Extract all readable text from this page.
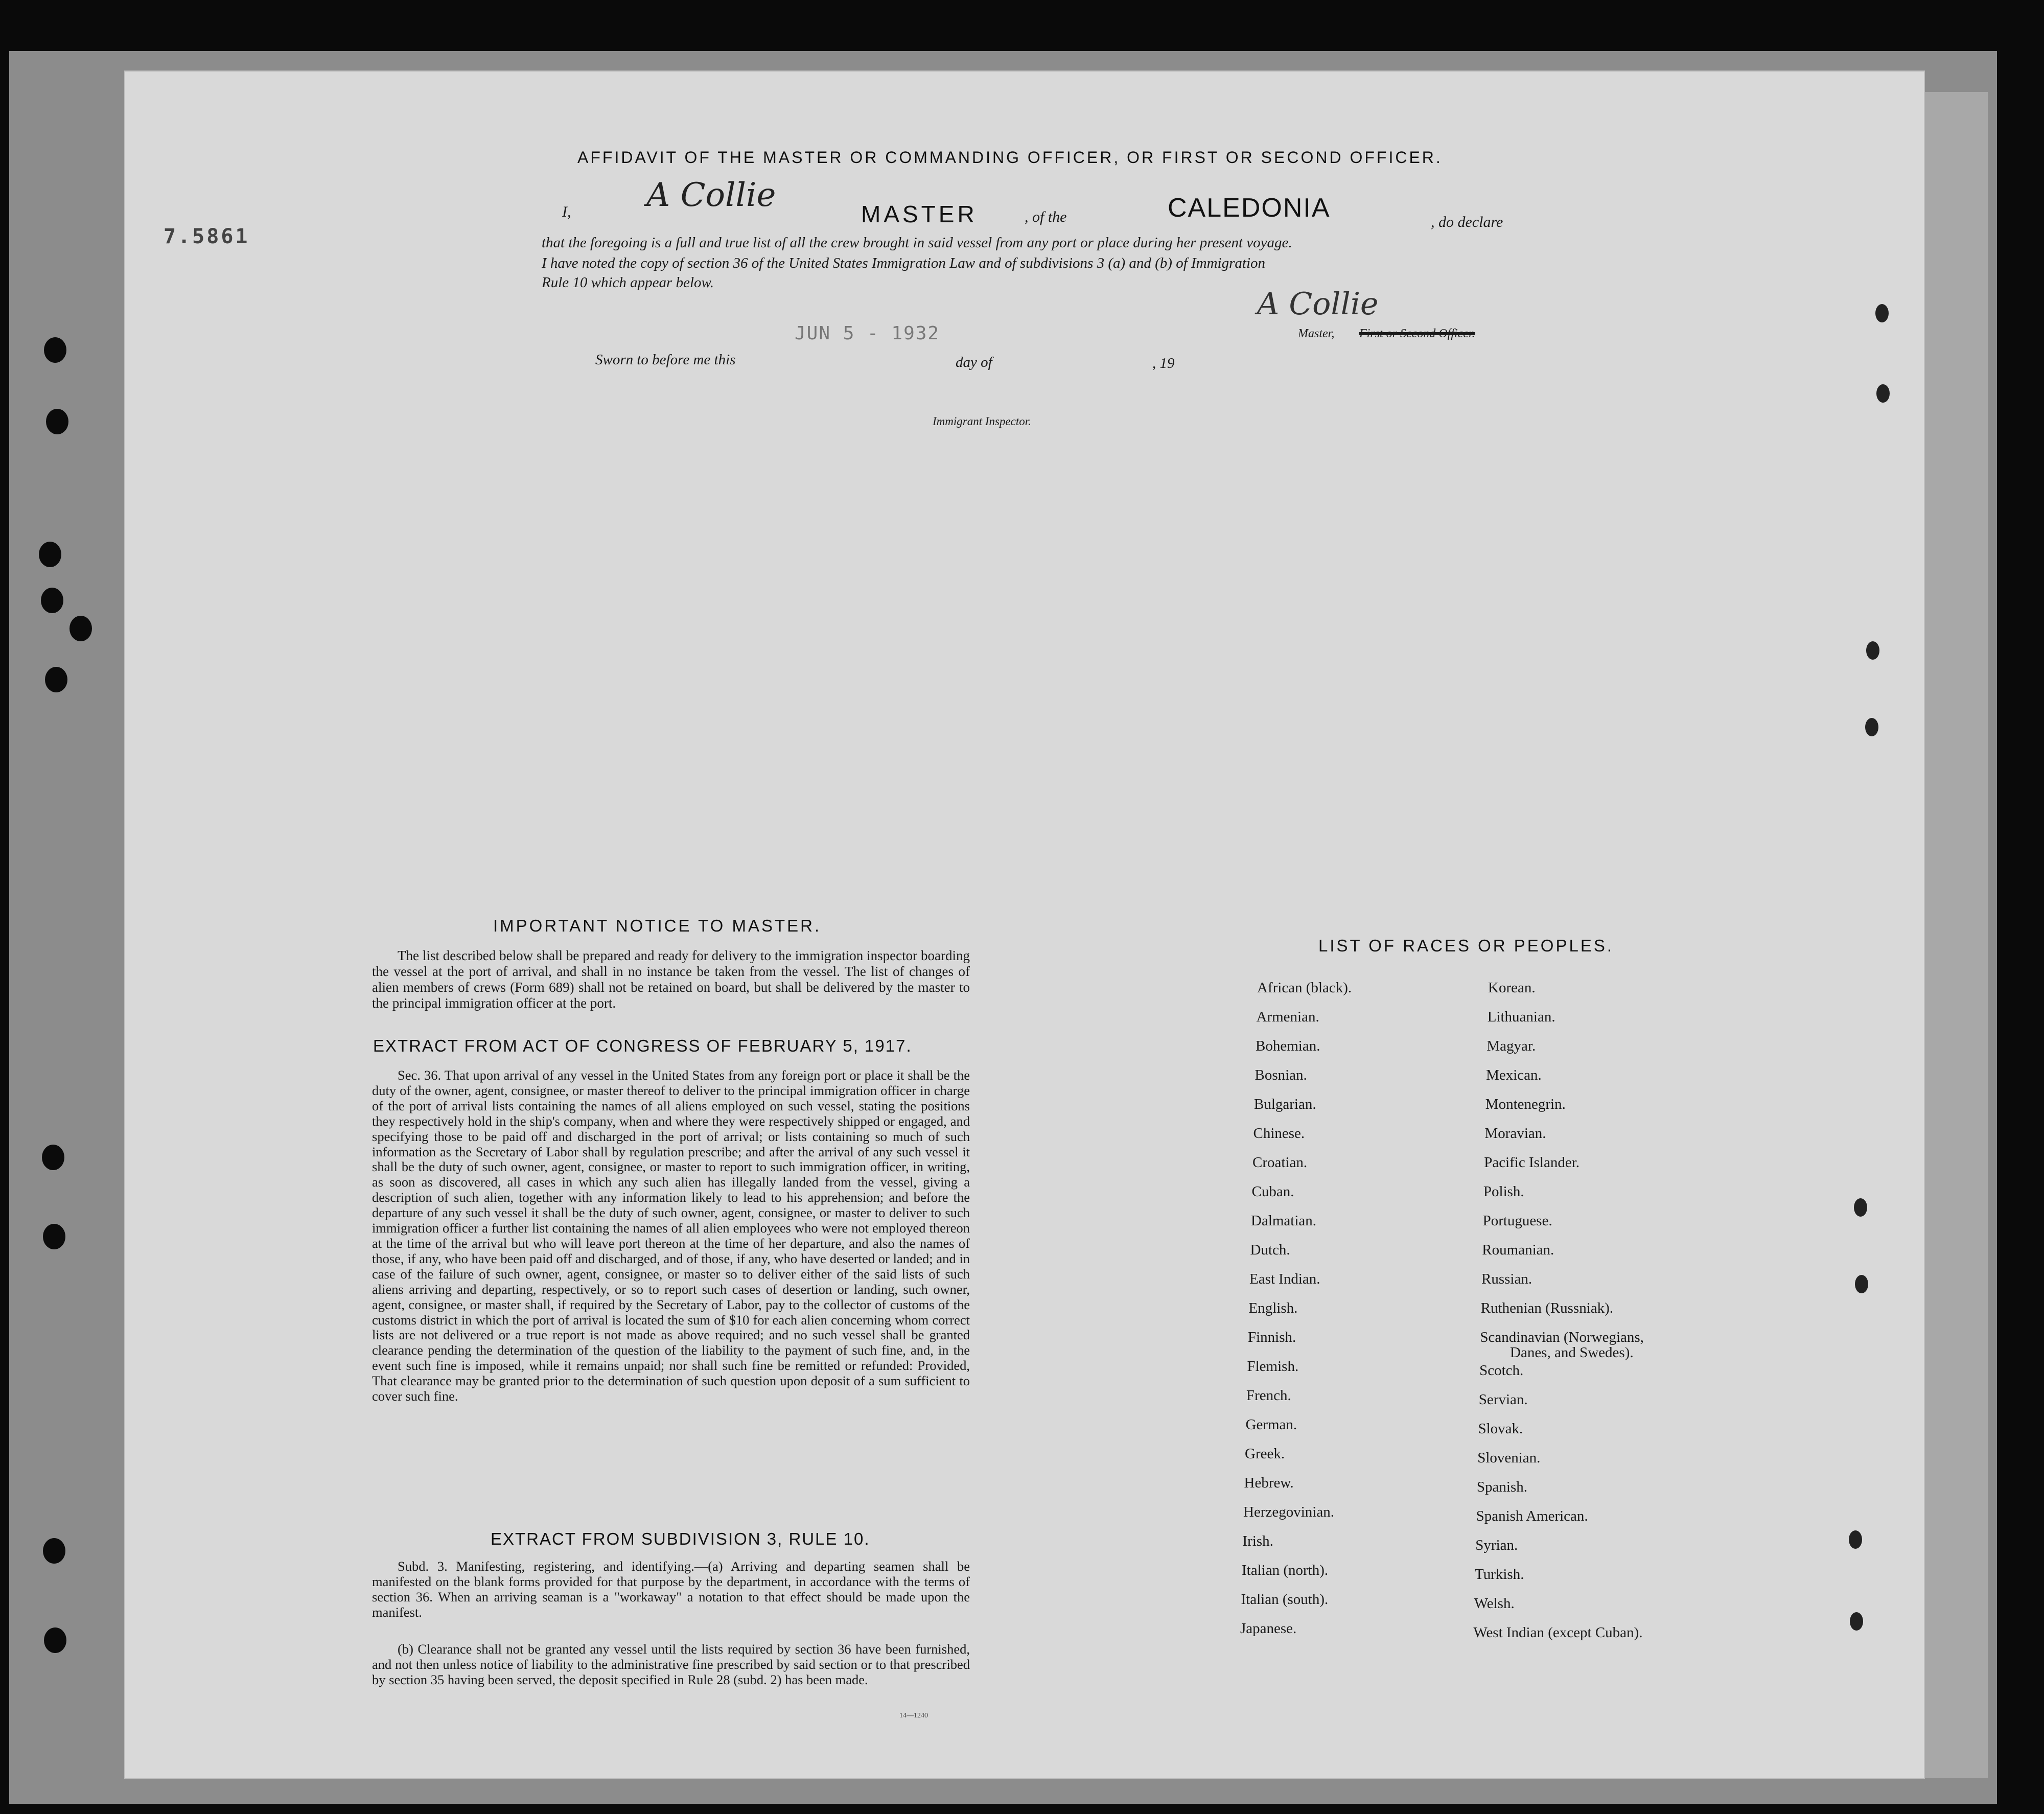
7.5861
AFFIDAVIT OF THE MASTER OR COMMANDING OFFICER, OR FIRST OR SECOND OFFICER.
I, A Collie	MASTER	, of the	CALEDONIA	, do declare
that the foregoing is a full and true list of all the crew brought in said vessel from any port or place during her present voyage.
I have noted the copy of section 36 of the United States Immigration Law and of subdivisions 3 (a) and (b) of Immigration
Rule 10 which appear below.
A Collie
Master, First or Second Officer.
JUN 5 - 1932
Sworn to before me this	day of	, 19
Immigrant Inspector.
IMPORTANT NOTICE TO MASTER.
The list described below shall be prepared and ready for delivery to the immigration inspector boarding the vessel at the port of arrival, and shall in no instance be taken from the vessel. The list of changes of alien members of crews (Form 689) shall not be retained on board, but shall be delivered by the master to the principal immigration officer at the port.
EXTRACT FROM ACT OF CONGRESS OF FEBRUARY 5, 1917.
Sec. 36. That upon arrival of any vessel in the United States from any foreign port or place it shall be the duty of the owner, agent, consignee, or master thereof to deliver to the principal immigration officer in charge of the port of arrival lists containing the names of all aliens employed on such vessel, stating the positions they respectively hold in the ship's company, when and where they were respectively shipped or engaged, and specifying those to be paid off and discharged in the port of arrival; or lists containing so much of such information as the Secretary of Labor shall by regulation prescribe; and after the arrival of any such vessel it shall be the duty of such owner, agent, consignee, or master to report to such immigration officer, in writing, as soon as discovered, all cases in which any such alien has illegally landed from the vessel, giving a description of such alien, together with any information likely to lead to his apprehension; and before the departure of any such vessel it shall be the duty of such owner, agent, consignee, or master to deliver to such immigration officer a further list containing the names of all alien employees who were not employed thereon at the time of the arrival but who will leave port thereon at the time of her departure, and also the names of those, if any, who have been paid off and discharged, and of those, if any, who have deserted or landed; and in case of the failure of such owner, agent, consignee, or master so to deliver either of the said lists of such aliens arriving and departing, respectively, or so to report such cases of desertion or landing, such owner, agent, consignee, or master shall, if required by the Secretary of Labor, pay to the collector of customs of the customs district in which the port of arrival is located the sum of $10 for each alien concerning whom correct lists are not delivered or a true report is not made as above required; and no such vessel shall be granted clearance pending the determination of the question of the liability to the payment of such fine, and, in the event such fine is imposed, while it remains unpaid; nor shall such fine be remitted or refunded: Provided, That clearance may be granted prior to the determination of such question upon deposit of a sum sufficient to cover such fine.
EXTRACT FROM SUBDIVISION 3, RULE 10.
Subd. 3. Manifesting, registering, and identifying.—(a) Arriving and departing seamen shall be manifested on the blank forms provided for that purpose by the department, in accordance with the terms of section 36. When an arriving seaman is a "workaway" a notation to that effect should be made upon the manifest.
(b) Clearance shall not be granted any vessel until the lists required by section 36 have been furnished, and not then unless notice of liability to the administrative fine prescribed by said section or to that prescribed by section 35 having been served, the deposit specified in Rule 28 (subd. 2) has been made.
14—1240
LIST OF RACES OR PEOPLES.
African (black).
Armenian.
Bohemian.
Bosnian.
Bulgarian.
Chinese.
Croatian.
Cuban.
Dalmatian.
Dutch.
East Indian.
English.
Finnish.
Flemish.
French.
German.
Greek.
Hebrew.
Herzegovinian.
Irish.
Italian (north).
Italian (south).
Japanese.
Korean.
Lithuanian.
Magyar.
Mexican.
Montenegrin.
Moravian.
Pacific Islander.
Polish.
Portuguese.
Roumanian.
Russian.
Ruthenian (Russniak).
Scandinavian (Norwegians,
Scotch.
Servian.
Slovak.
Slovenian.
Spanish.
Spanish American.
Syrian.
Turkish.
Welsh.
West Indian (except Cuban).
Danes, and Swedes).
